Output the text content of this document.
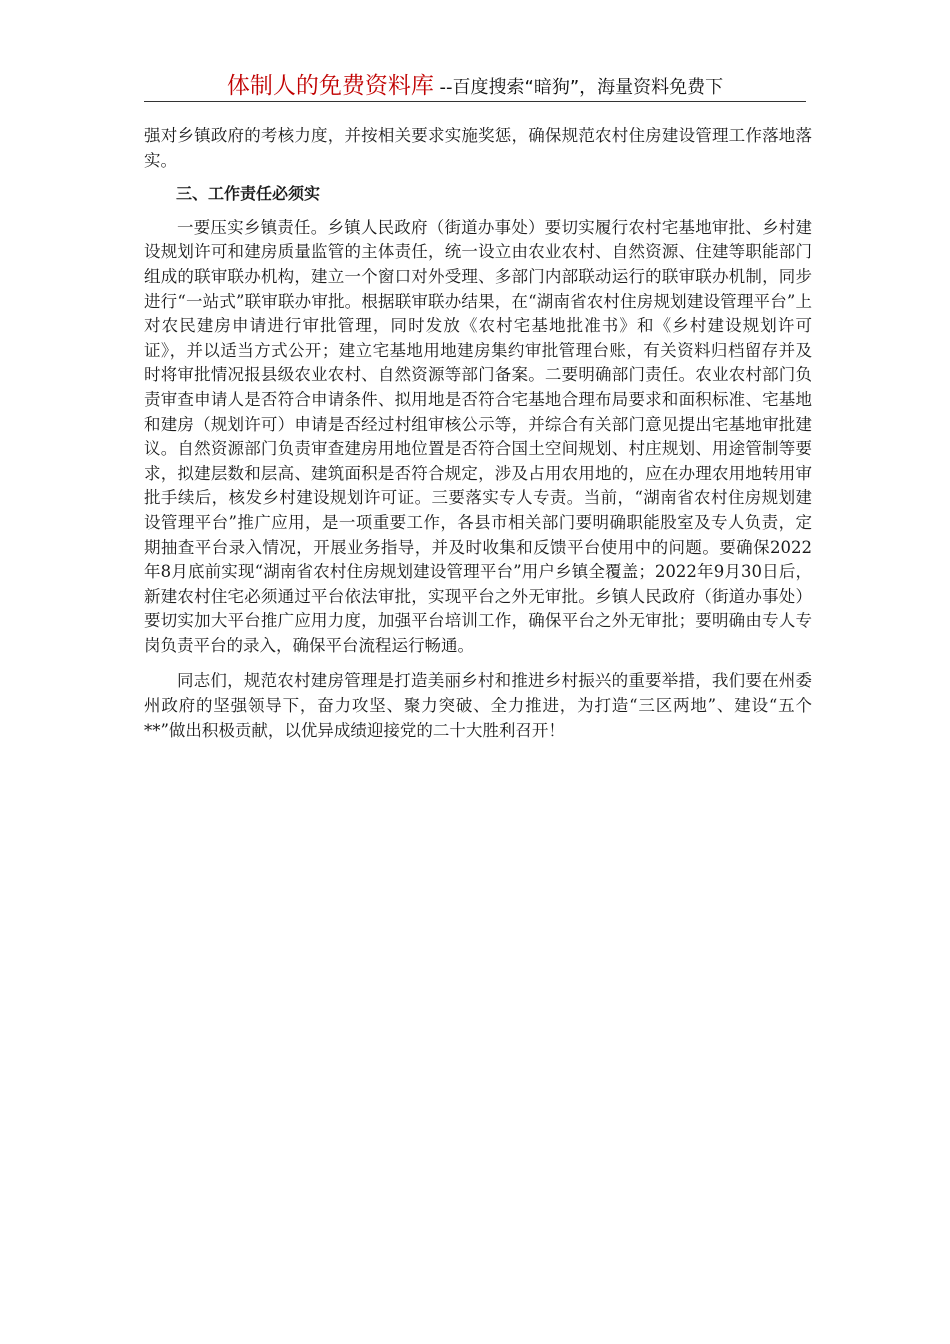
体制人的免费资料库 --百度搜索“暗狗”，海量资料免费下

强对乡镇政府的考核力度，并按相关要求实施奖惩，确保规范农村住房建设管理工作落地落实。

三、工作责任必须实

一要压实乡镇责任。乡镇人民政府（街道办事处）要切实履行农村宅基地审批、乡村建设规划许可和建房质量监管的主体责任，统一设立由农业农村、自然资源、住建等职能部门组成的联审联办机构，建立一个窗口对外受理、多部门内部联动运行的联审联办机制，同步进行“一站式”联审联办审批。根据联审联办结果，在“湖南省农村住房规划建设管理平台”上对农民建房申请进行审批管理，同时发放《农村宅基地批准书》和《乡村建设规划许可证》，并以适当方式公开；建立宅基地用地建房集约审批管理台账，有关资料归档留存并及时将审批情况报县级农业农村、自然资源等部门备案。二要明确部门责任。农业农村部门负责审查申请人是否符合申请条件、拟用地是否符合宅基地合理布局要求和面积标准、宅基地和建房（规划许可）申请是否经过村组审核公示等，并综合有关部门意见提出宅基地审批建议。自然资源部门负责审查建房用地位置是否符合国土空间规划、村庄规划、用途管制等要求，拟建层数和层高、建筑面积是否符合规定，涉及占用农用地的，应在办理农用地转用审批手续后，核发乡村建设规划许可证。三要落实专人专责。当前，“湖南省农村住房规划建设管理平台”推广应用，是一项重要工作，各县市相关部门要明确职能股室及专人负责，定期抽查平台录入情况，开展业务指导，并及时收集和反馈平台使用中的问题。要确保2022年8月底前实现“湖南省农村住房规划建设管理平台”用户乡镇全覆盖；2022年9月30日后，新建农村住宅必须通过平台依法审批，实现平台之外无审批。乡镇人民政府（街道办事处）要切实加大平台推广应用力度，加强平台培训工作，确保平台之外无审批；要明确由专人专岗负责平台的录入，确保平台流程运行畅通。

同志们，规范农村建房管理是打造美丽乡村和推进乡村振兴的重要举措，我们要在州委州政府的坚强领导下，奋力攻坚、聚力突破、全力推进，为打造“三区两地”、建设“五个**”做出积极贡献，以优异成绩迎接党的二十大胜利召开！
